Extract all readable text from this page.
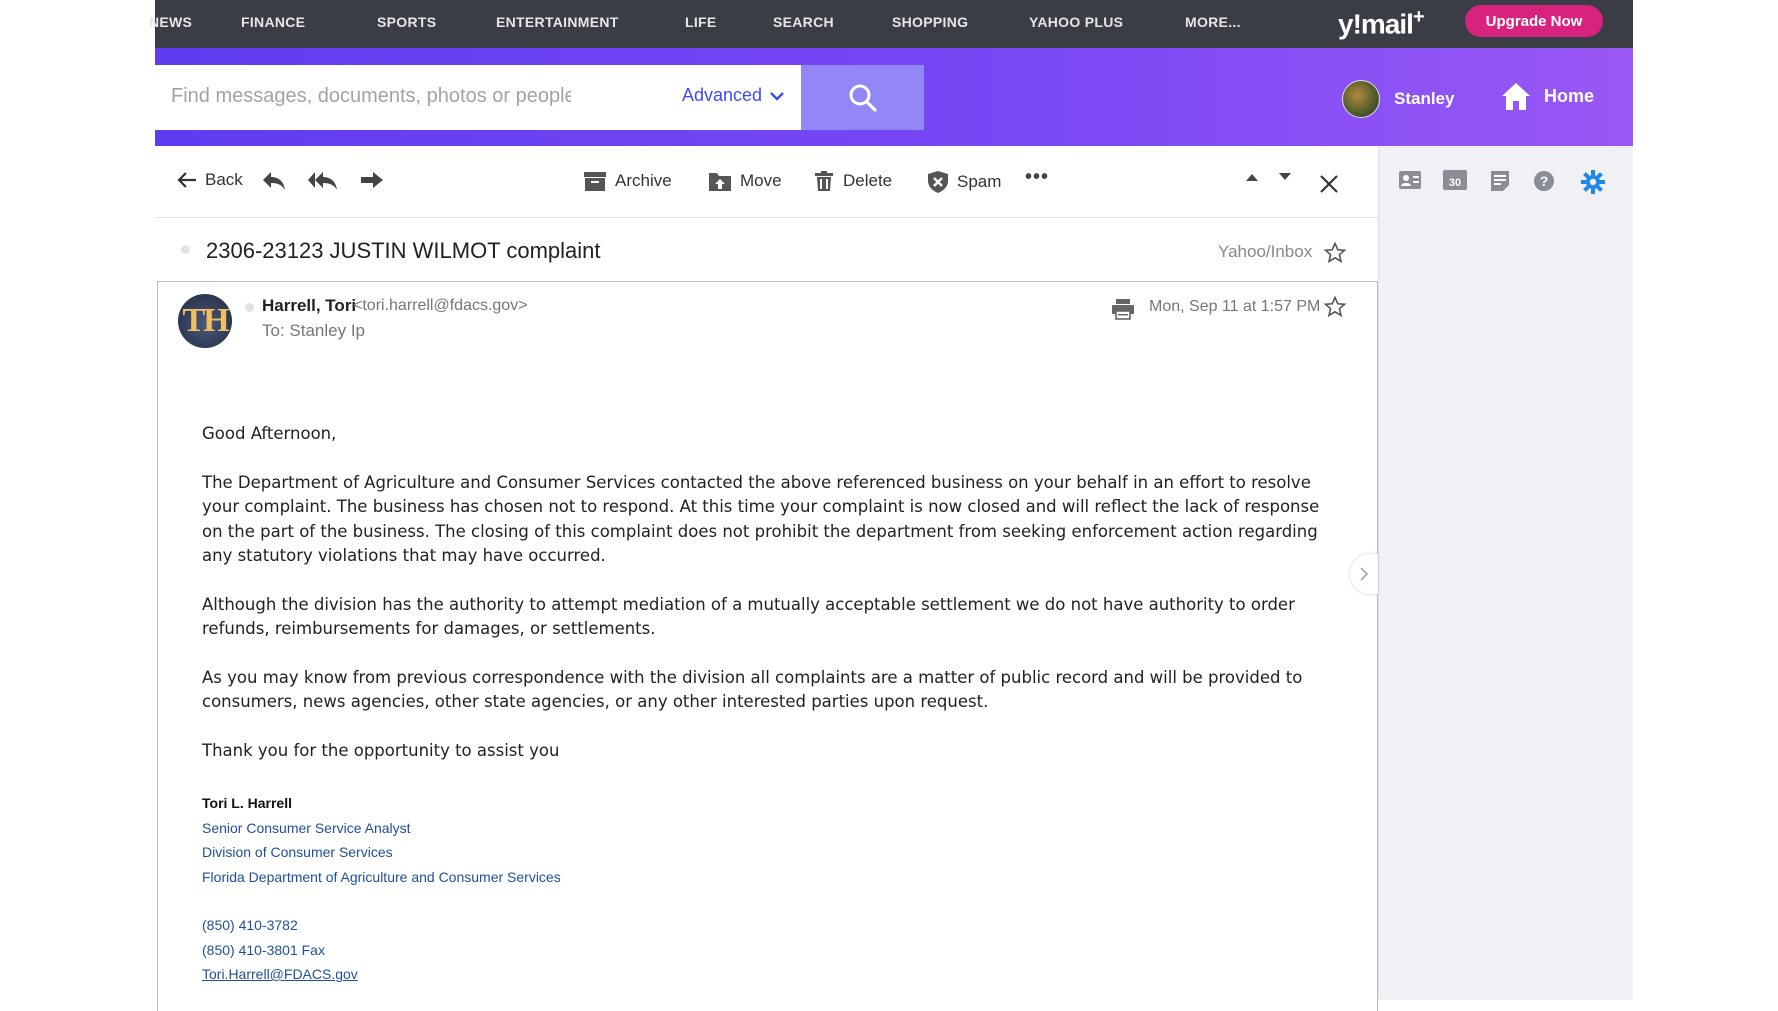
NEWS	FINANCE	SPORTS	ENTERTAINMENT	LIFE	SEARCH	SHOPPING	YAHOO PLUS	MORE...	y!mail+	Upgrade Now
Find messages, documents, photos or people
Advanced	Stanley	Home
Back	Archive	Move	Delete	Spam •••	30	?
2306-23123 JUSTIN WILMOT complaint	Yahoo/Inbox
TH Harrell, Tori
<tori.harrell@fdacs.gov>
To: Stanley Ip
Mon, Sep 11 at 1:57 PM

Good Afternoon,

The Department of Agriculture and Consumer Services contacted the above referenced business on your behalf in an effort to resolve your complaint. The business has chosen not to respond. At this time your complaint is now closed and will reflect the lack of response on the part of the business. The closing of this complaint does not prohibit the department from seeking enforcement action regarding any statutory violations that may have occurred.

Although the division has the authority to attempt mediation of a mutually acceptable settlement we do not have authority to order refunds, reimbursements for damages, or settlements.

As you may know from previous correspondence with the division all complaints are a matter of public record and will be provided to consumers, news agencies, other state agencies, or any other interested parties upon request.

Thank you for the opportunity to assist you

Tori L. Harrell
Senior Consumer Service Analyst
Division of Consumer Services
Florida Department of Agriculture and Consumer Services
(850) 410-3782
(850) 410-3801 Fax
Tori.Harrell@FDACS.gov
